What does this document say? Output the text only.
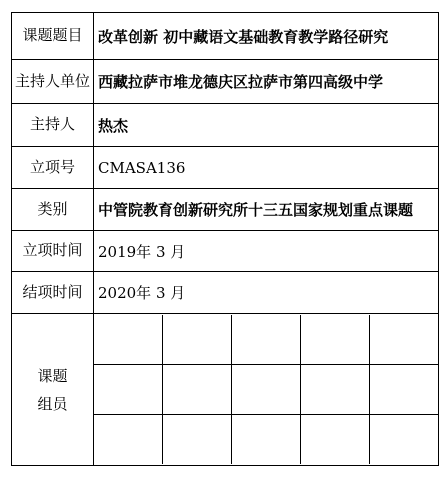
课题题目	改革创新 初中藏语文基础教育教学路径研究
主持人单位	西藏拉萨市堆龙德庆区拉萨市第四高级中学
主持人	热杰
立项号	CMASA136
类别	中管院教育创新研究所十三五国家规划重点课题
立项时间	2019年 3 月
结项时间	2020年 3 月

课题
组员
